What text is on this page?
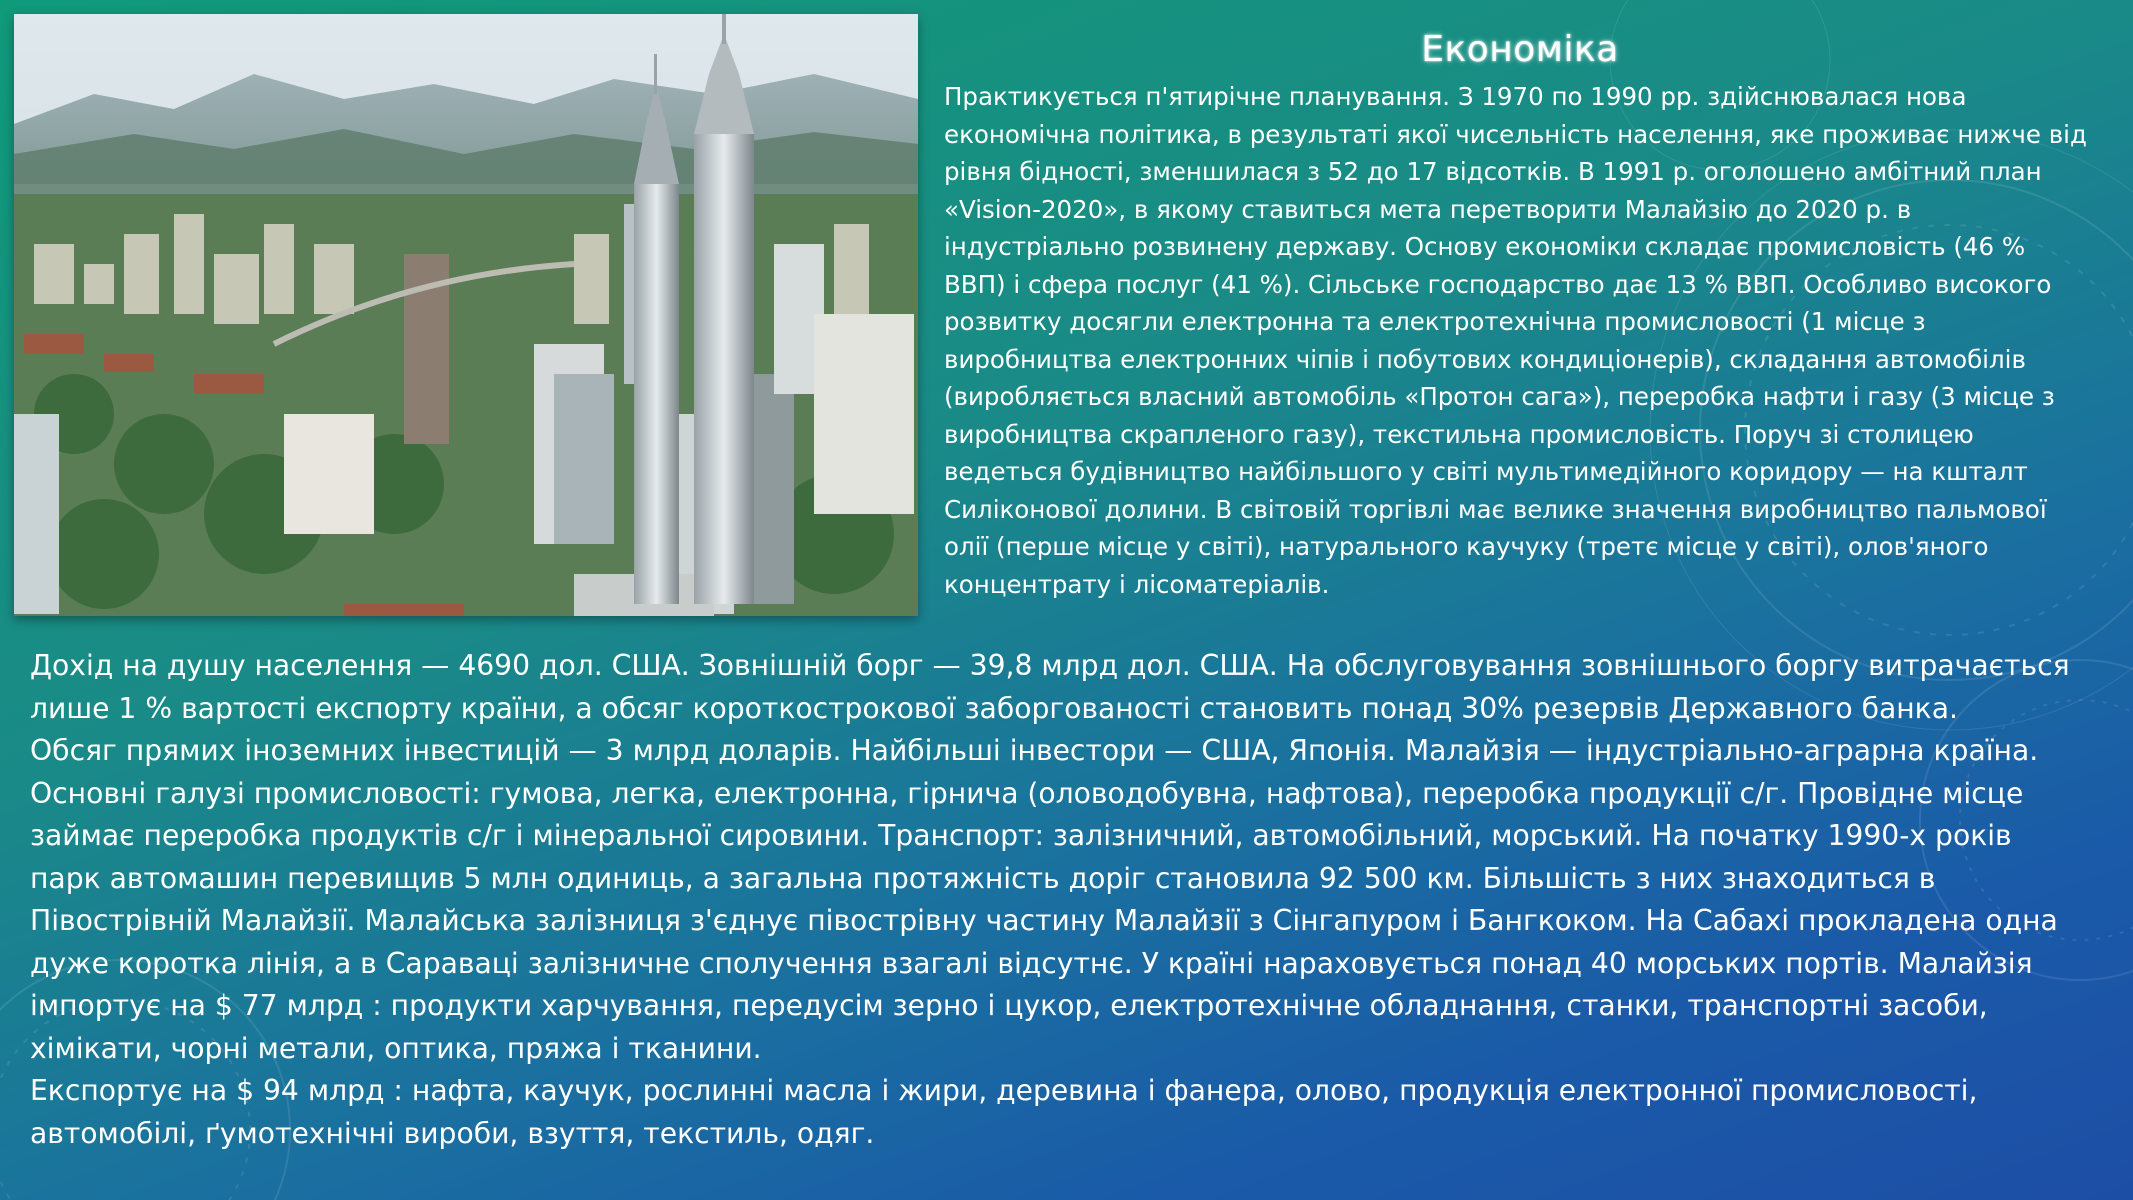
Економіка
Практикується п'ятирічне планування. З 1970 по 1990 рр. здійснювалася нова
економічна політика, в результаті якої чисельність населення, яке проживає нижче від
рівня бідності, зменшилася з 52 до 17 відсотків. В 1991 р. оголошено амбітний план
«Vision-2020», в якому ставиться мета перетворити Малайзію до 2020 р. в
індустріально розвинену державу. Основу економіки складає промисловість (46 %
ВВП) і сфера послуг (41 %). Сільське господарство дає 13 % ВВП. Особливо високого
розвитку досягли електронна та електротехнічна промисловості (1 місце з
виробництва електронних чіпів і побутових кондиціонерів), складання автомобілів
(виробляється власний автомобіль «Протон сага»), переробка нафти і газу (3 місце з
виробництва скрапленого газу), текстильна промисловість. Поруч зі столицею
ведеться будівництво найбільшого у світі мультимедійного коридору — на кшталт
Силіконової долини. В світовій торгівлі має велике значення виробництво пальмової
олії (перше місце у світі), натурального каучуку (третє місце у світі), олов'яного
концентрату і лісоматеріалів.
Дохід на душу населення — 4690 дол. США. Зовнішній борг — 39,8 млрд дол. США. На обслуговування зовнішнього боргу витрачається
лише 1 % вартості експорту країни, а обсяг короткострокової заборгованості становить понад 30% резервів Державного банка.
Обсяг прямих іноземних інвестицій — 3 млрд доларів. Найбільші інвестори — США, Японія. Малайзія — індустріально-аграрна країна.
Основні галузі промисловості: гумова, легка, електронна, гірнича (оловодобувна, нафтова), переробка продукції с/г. Провідне місце
займає переробка продуктів с/г і мінеральної сировини. Транспорт: залізничний, автомобільний, морський. На початку 1990-х років
парк автомашин перевищив 5 млн одиниць, а загальна протяжність доріг становила 92 500 км. Більшість з них знаходиться в
Півострівній Малайзії. Малайська залізниця з'єднує півострівну частину Малайзії з Сінгапуром і Бангкоком. На Сабахі прокладена одна
дуже коротка лінія, а в Сараваці залізничне сполучення взагалі відсутнє. У країні нараховується понад 40 морських портів. Малайзія
імпортує на $ 77 млрд : продукти харчування, передусім зерно і цукор, електротехнічне обладнання, станки, транспортні засоби,
хімікати, чорні метали, оптика, пряжа і тканини.
Експортує на $ 94 млрд : нафта, каучук, рослинні масла і жири, деревина і фанера, олово, продукція електронної промисловості,
автомобілі, ґумотехнічні вироби, взуття, текстиль, одяг.
